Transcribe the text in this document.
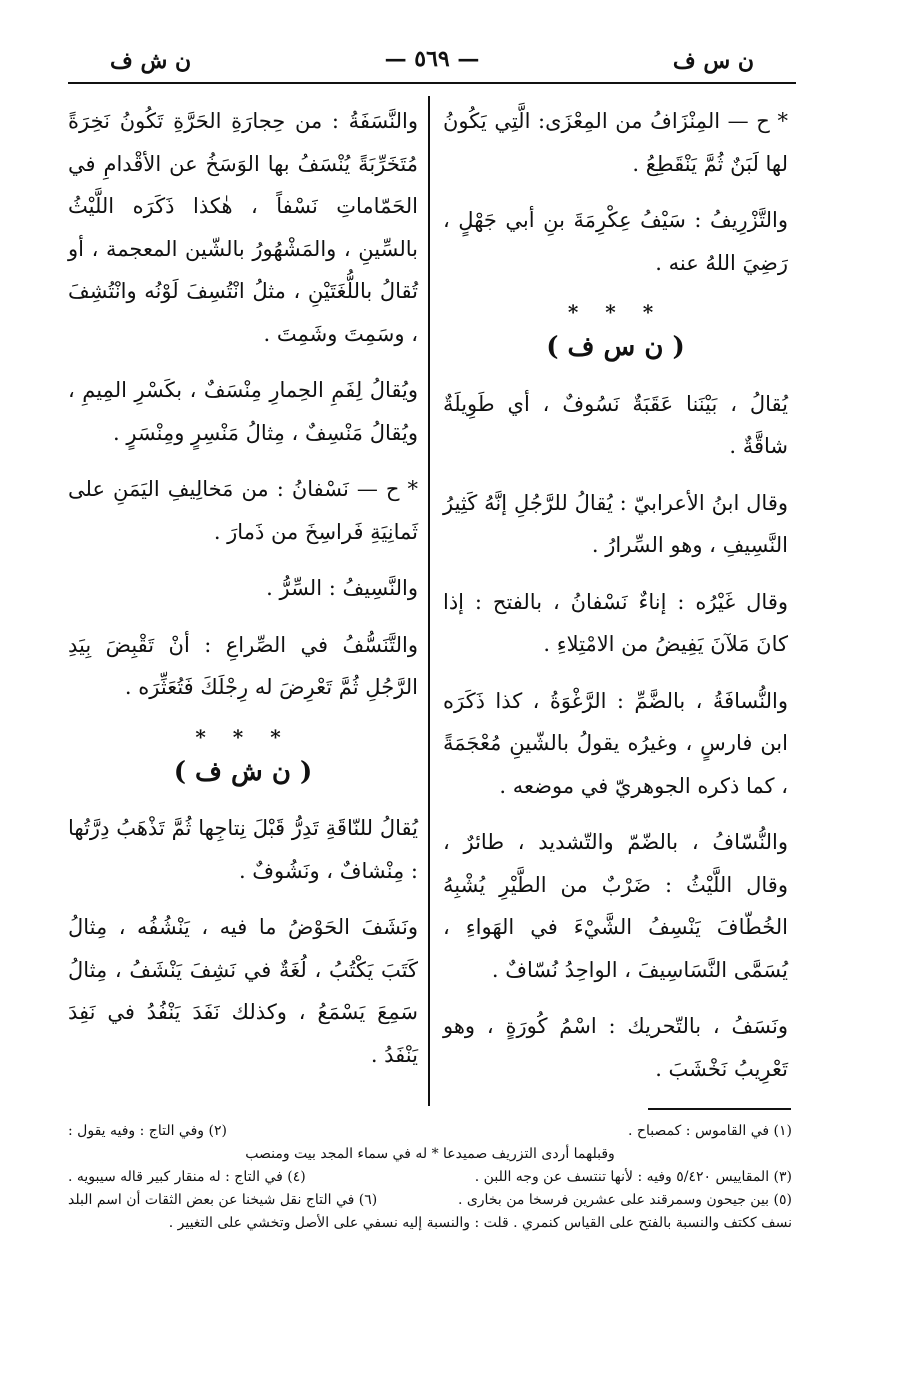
ن س ف
— ٥٦٩ —
ن ش ف

* ح — المِنْزَافُ من المِعْزَى: الَّتِي يَكُونُ لها لَبَنٌ ثُمَّ يَنْقَطِعُ .

والتَّزْرِيفُ : سَيْفُ عِكْرِمَةَ بنِ أبي جَهْلٍ ، رَضِيَ اللهُ عنه .

* * *
( ن س ف )

يُقالُ ، بَيْنَنا عَقَبَةٌ نَسُوفٌ ، أي طَوِيلَةٌ شاقَّةٌ .

وقال ابنُ الأعرابيّ : يُقالُ للرَّجُلِ إنَّهُ كَثِيرُ النَّسِيفِ ، وهو السِّرارُ .

وقال غَيْرُه : إناءٌ نَسْفانُ ، بالفتح : إذا كانَ مَلآنَ يَفِيضُ من الامْتِلاءِ .

والنُّسافَةُ ، بالضَّمِّ : الرَّغْوَةُ ، كذا ذَكَرَه ابن فارسٍ ، وغيرُه يقولُ بالشّينِ مُعْجَمَةً ، كما ذكره الجوهريّ في موضعه .

والنُّسّافُ ، بالضّمّ والتّشديد ، طائرٌ ، وقال اللَّيْثُ : ضَرْبٌ من الطَّيْرِ يُشْبِهُ الخُطّافَ يَنْسِفُ الشَّيْءَ في الهَواءِ ، يُسَمَّى النَّسَاسِيفَ ، الواحِدُ نُسّافٌ .

ونَسَفُ ، بالتّحريك : اسْمُ كُورَةٍ ، وهو تَعْرِيبُ نَخْشَبَ .

والنَّسَفَةُ : من حِجارَةِ الحَرَّةِ تَكُونُ نَخِرَةً مُتَخَرِّبَةً يُنْسَفُ بها الوَسَخُ عن الأقْدامِ في الحَمّاماتِ نَسْفاً ، هٰكذا ذَكَرَه اللَّيْثُ بالسِّينِ ، والمَشْهُورُ بالشّين المعجمة ، أو تُقالُ باللُّغَتَيْنِ ، مثلُ انْتُسِفَ لَوْنُه وانْتُشِفَ ، وسَمِتَ وشَمِتَ .

ويُقالُ لِفَمِ الحِمارِ مِنْسَفٌ ، بكَسْرِ المِيمِ ، ويُقالُ مَنْسِفٌ ، مِثالُ مَنْسِرٍ ومِنْسَرٍ .

* ح — نَسْفانُ : من مَخالِيفِ اليَمَنِ على ثَمانِيَةِ فَراسِخَ من ذَمارَ .

والنَّسِيفُ : السِّرُّ .

والتَّنَسُّفُ في الصِّراعِ : أنْ تَقْبِضَ بِيَدِ الرَّجُلِ ثُمَّ تَعْرِضَ له رِجْلَكَ فَتُعَثِّرَه .

* * *
( ن ش ف )

يُقالُ للنّاقَةِ تَدِرُّ قَبْلَ نِتاجِها ثُمَّ تَذْهَبُ دِرَّتُها : مِنْشافٌ ، ونَشُوفٌ .

ونَشَفَ الحَوْضُ ما فيه ، يَنْشُفُه ، مِثالُ كَتَبَ يَكْتُبُ ، لُغَةٌ في نَشِفَ يَنْشَفُ ، مِثالُ سَمِعَ يَسْمَعُ ، وكذلك نَفَدَ يَنْفُدُ في نَفِدَ يَنْفَدُ .

(١) في القاموس : كمصباح .
(٢) وفي التاج : وفيه يقول :
وقبلهما أردى التزريف صميدعا * له في سماء المجد بيت ومنصب
(٣) المقاييس ٥/٤٢٠ وفيه : لأنها تنتسف عن وجه اللبن .
(٤) في التاج : له منقار كبير قاله سيبويه .
(٥) بين جيحون وسمرقند على عشرين فرسخا من بخارى .
(٦) في التاج نقل شيخنا عن بعض الثقات أن اسم البلد
نسف ككتف والنسبة بالفتح على القياس كنمري . قلت : والنسبة إليه نسفي على الأصل وتخشي على التغيير .
